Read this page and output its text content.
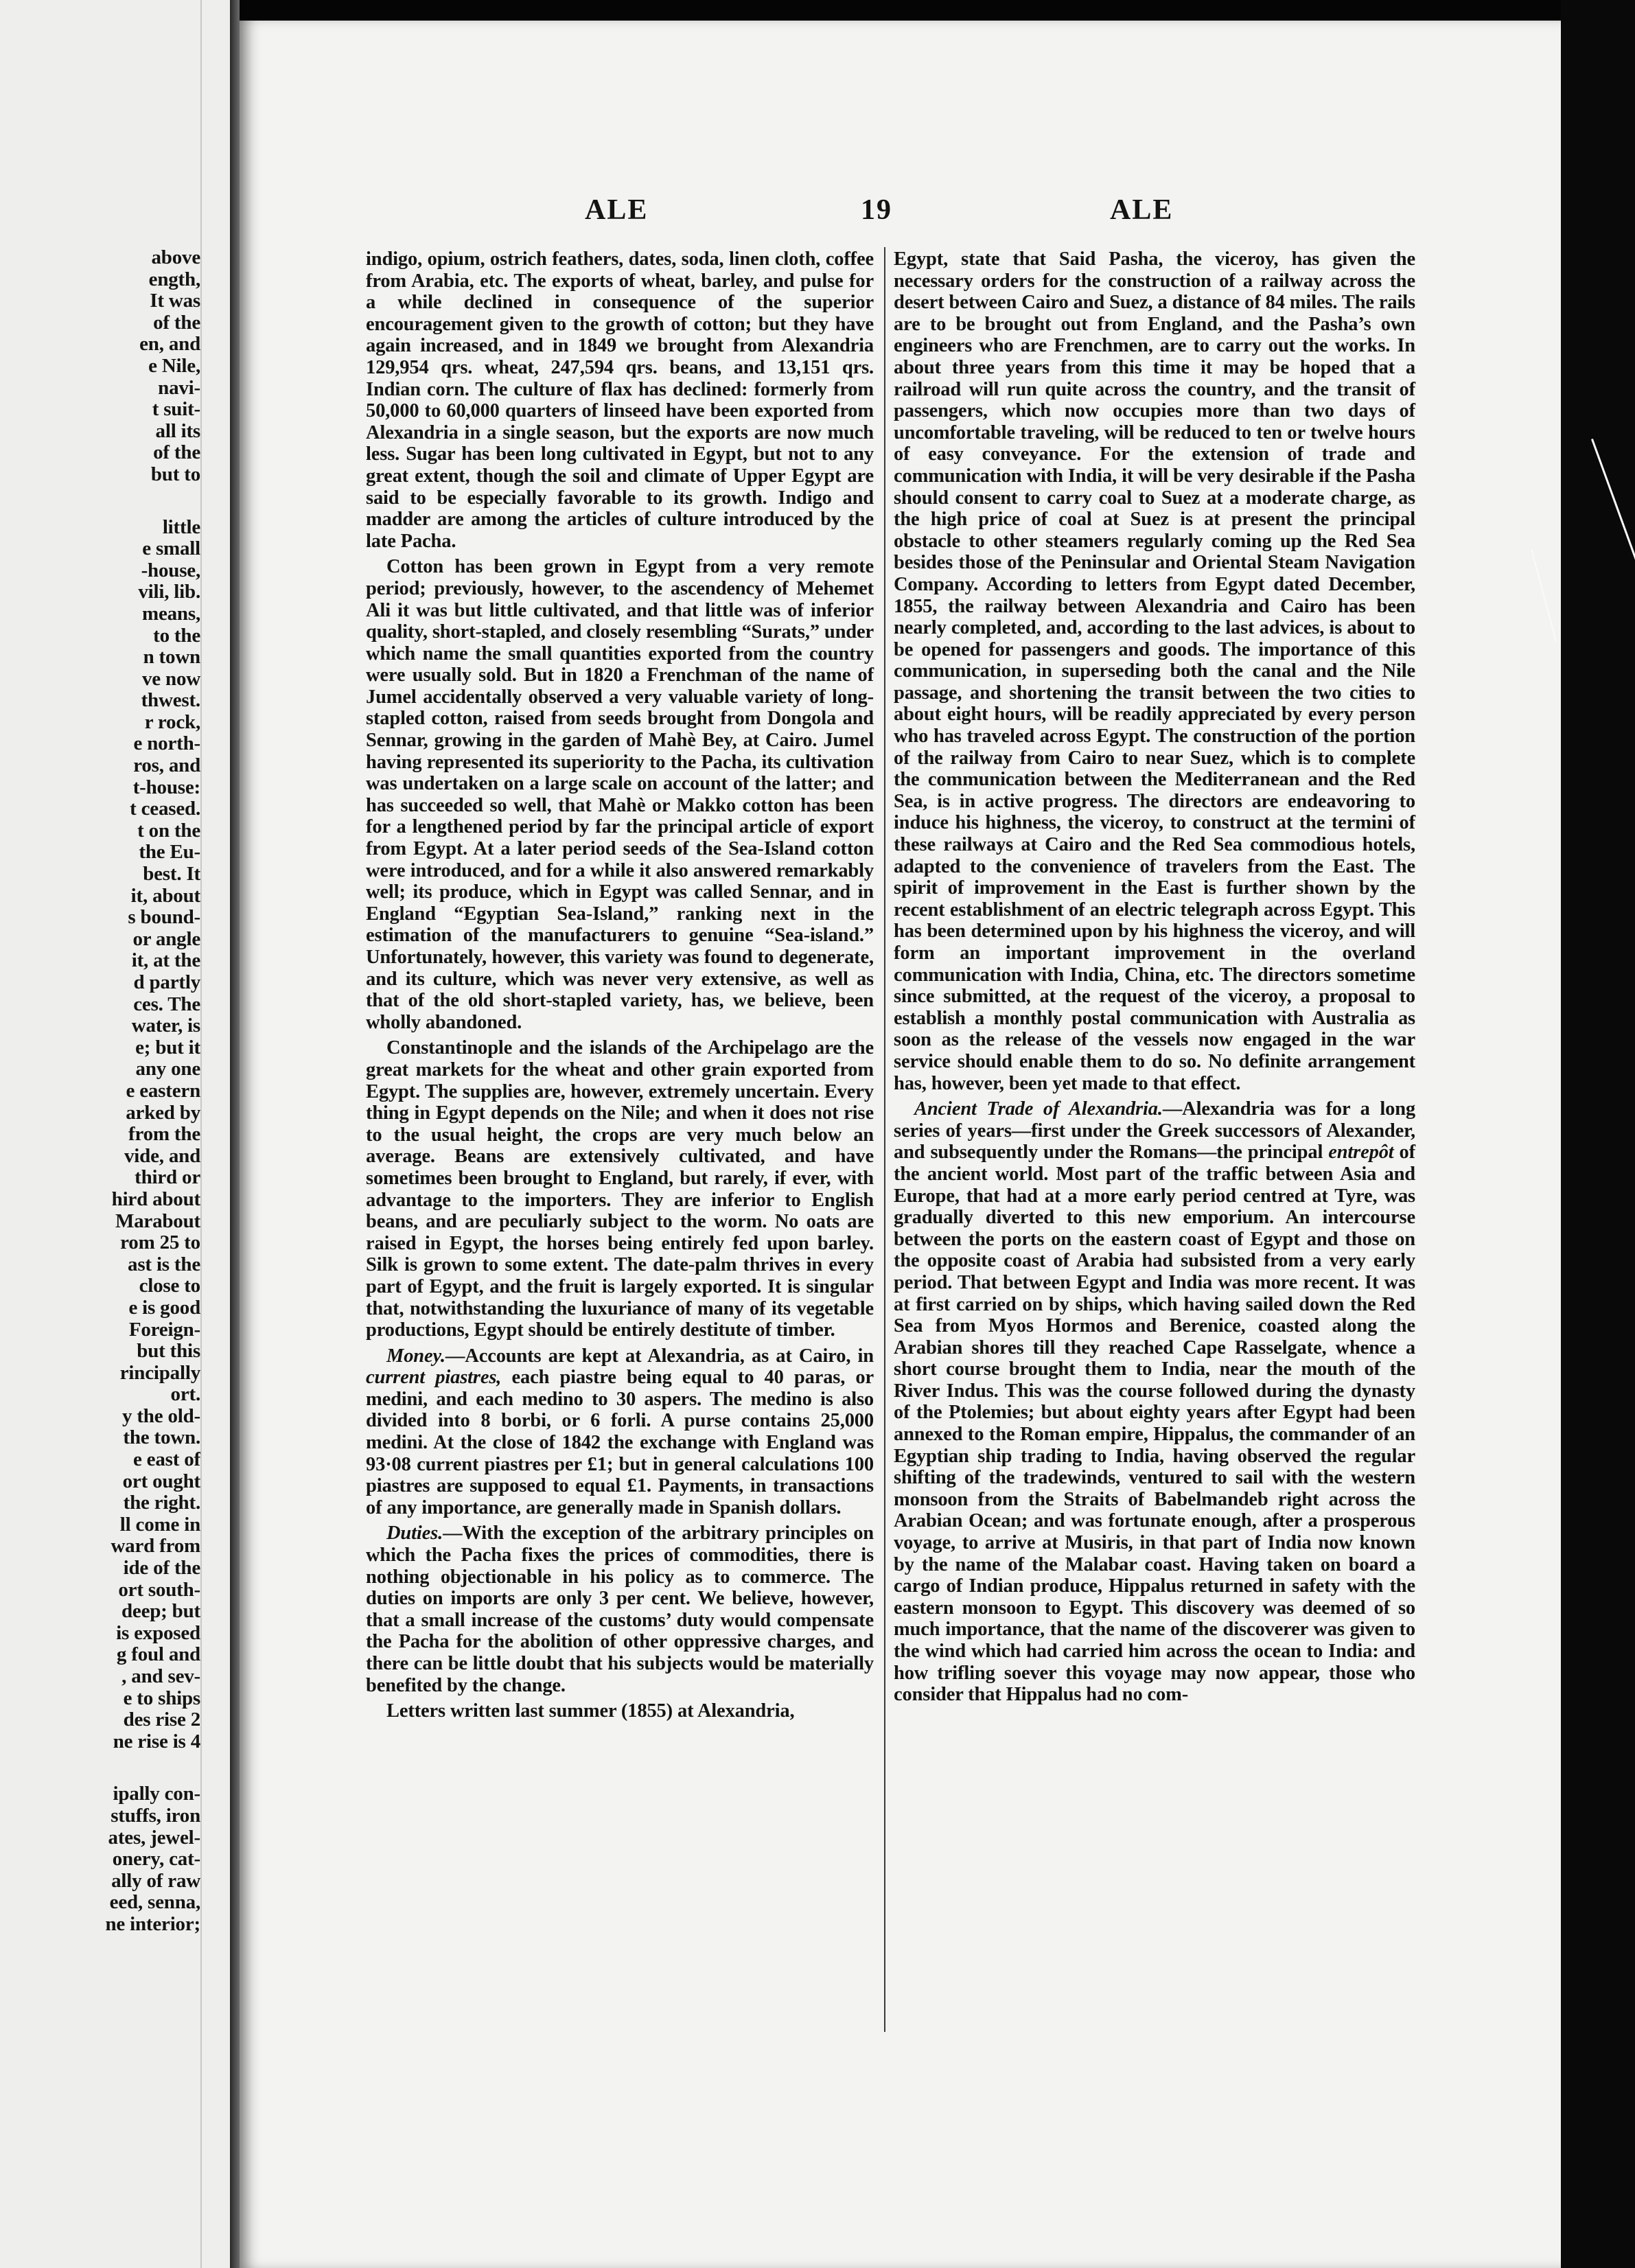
above
ength,
It was
of the
en, and
e Nile,
navi-
t suit-
all its
of the
but to
little
e small
-house,
vili, lib.
means,
to the
n town
ve now
thwest.
r rock,
e north-
ros, and
t-house:
t ceased.
t on the
the Eu-
best. It
it, about
s bound-
or angle
it, at the
d partly
ces. The
water, is
e; but it
any one
e eastern
arked by
from the
vide, and
third or
hird about
Marabout
rom 25 to
ast is the
close to
e is good
Foreign-
but this
rincipally
ort.
y the old-
the town.
e east of
ort ought
the right.
ll come in
ward from
ide of the
ort south-
deep; but
is exposed
g foul and
, and sev-
e to ships
des rise 2
ne rise is 4
ipally con-
stuffs, iron
ates, jewel-
onery, cat-
ally of raw
eed, senna,
ne interior;
ALE	19	ALE

indigo, opium, ostrich feathers, dates, soda, linen cloth, coffee from Arabia, etc. The exports of wheat, barley, and pulse for a while declined in consequence of the superior encouragement given to the growth of cotton; but they have again increased, and in 1849 we brought from Alexandria 129,954 qrs. wheat, 247,594 qrs. beans, and 13,151 qrs. Indian corn. The culture of flax has declined: formerly from 50,000 to 60,000 quarters of linseed have been exported from Alexandria in a single season, but the exports are now much less. Sugar has been long cultivated in Egypt, but not to any great extent, though the soil and climate of Upper Egypt are said to be especially favorable to its growth. Indigo and madder are among the articles of culture introduced by the late Pacha.

Cotton has been grown in Egypt from a very remote period; previously, however, to the ascendency of Mehemet Ali it was but little cultivated, and that little was of inferior quality, short-stapled, and closely resembling “Surats,” under which name the small quantities exported from the country were usually sold. But in 1820 a Frenchman of the name of Jumel accidentally observed a very valuable variety of long-stapled cotton, raised from seeds brought from Dongola and Sennar, growing in the garden of Mahè Bey, at Cairo. Jumel having represented its superiority to the Pacha, its cultivation was undertaken on a large scale on account of the latter; and has succeeded so well, that Mahè or Makko cotton has been for a lengthened period by far the principal article of export from Egypt. At a later period seeds of the Sea-Island cotton were introduced, and for a while it also answered remarkably well; its produce, which in Egypt was called Sennar, and in England “Egyptian Sea-Island,” ranking next in the estimation of the manufacturers to genuine “Sea-island.” Unfortunately, however, this variety was found to degenerate, and its culture, which was never very extensive, as well as that of the old short-stapled variety, has, we believe, been wholly abandoned.

Constantinople and the islands of the Archipelago are the great markets for the wheat and other grain exported from Egypt. The supplies are, however, extremely uncertain. Every thing in Egypt depends on the Nile; and when it does not rise to the usual height, the crops are very much below an average. Beans are extensively cultivated, and have sometimes been brought to England, but rarely, if ever, with advantage to the importers. They are inferior to English beans, and are peculiarly subject to the worm. No oats are raised in Egypt, the horses being entirely fed upon barley. Silk is grown to some extent. The date-palm thrives in every part of Egypt, and the fruit is largely exported. It is singular that, notwithstanding the luxuriance of many of its vegetable productions, Egypt should be entirely destitute of timber.

Money.—Accounts are kept at Alexandria, as at Cairo, in current piastres, each piastre being equal to 40 paras, or medini, and each medino to 30 aspers. The medino is also divided into 8 borbi, or 6 forli. A purse contains 25,000 medini. At the close of 1842 the exchange with England was 93·08 current piastres per £1; but in general calculations 100 piastres are supposed to equal £1. Payments, in transactions of any importance, are generally made in Spanish dollars.

Duties.—With the exception of the arbitrary principles on which the Pacha fixes the prices of commodities, there is nothing objectionable in his policy as to commerce. The duties on imports are only 3 per cent. We believe, however, that a small increase of the customs’ duty would compensate the Pacha for the abolition of other oppressive charges, and there can be little doubt that his subjects would be materially benefited by the change.

Letters written last summer (1855) at Alexandria,

Egypt, state that Said Pasha, the viceroy, has given the necessary orders for the construction of a railway across the desert between Cairo and Suez, a distance of 84 miles. The rails are to be brought out from England, and the Pasha’s own engineers who are Frenchmen, are to carry out the works. In about three years from this time it may be hoped that a railroad will run quite across the country, and the transit of passengers, which now occupies more than two days of uncomfortable traveling, will be reduced to ten or twelve hours of easy conveyance. For the extension of trade and communication with India, it will be very desirable if the Pasha should consent to carry coal to Suez at a moderate charge, as the high price of coal at Suez is at present the principal obstacle to other steamers regularly coming up the Red Sea besides those of the Peninsular and Oriental Steam Navigation Company. According to letters from Egypt dated December, 1855, the railway between Alexandria and Cairo has been nearly completed, and, according to the last advices, is about to be opened for passengers and goods. The importance of this communication, in superseding both the canal and the Nile passage, and shortening the transit between the two cities to about eight hours, will be readily appreciated by every person who has traveled across Egypt. The construction of the portion of the railway from Cairo to near Suez, which is to complete the communication between the Mediterranean and the Red Sea, is in active progress. The directors are endeavoring to induce his highness, the viceroy, to construct at the termini of these railways at Cairo and the Red Sea commodious hotels, adapted to the convenience of travelers from the East. The spirit of improvement in the East is further shown by the recent establishment of an electric telegraph across Egypt. This has been determined upon by his highness the viceroy, and will form an important improvement in the overland communication with India, China, etc. The directors sometime since submitted, at the request of the viceroy, a proposal to establish a monthly postal communication with Australia as soon as the release of the vessels now engaged in the war service should enable them to do so. No definite arrangement has, however, been yet made to that effect.

Ancient Trade of Alexandria.—Alexandria was for a long series of years—first under the Greek successors of Alexander, and subsequently under the Romans—the principal entrepôt of the ancient world. Most part of the traffic between Asia and Europe, that had at a more early period centred at Tyre, was gradually diverted to this new emporium. An intercourse between the ports on the eastern coast of Egypt and those on the opposite coast of Arabia had subsisted from a very early period. That between Egypt and India was more recent. It was at first carried on by ships, which having sailed down the Red Sea from Myos Hormos and Berenice, coasted along the Arabian shores till they reached Cape Rasselgate, whence a short course brought them to India, near the mouth of the River Indus. This was the course followed during the dynasty of the Ptolemies; but about eighty years after Egypt had been annexed to the Roman empire, Hippalus, the commander of an Egyptian ship trading to India, having observed the regular shifting of the tradewinds, ventured to sail with the western monsoon from the Straits of Babelmandeb right across the Arabian Ocean; and was fortunate enough, after a prosperous voyage, to arrive at Musiris, in that part of India now known by the name of the Malabar coast. Having taken on board a cargo of Indian produce, Hippalus returned in safety with the eastern monsoon to Egypt. This discovery was deemed of so much importance, that the name of the discoverer was given to the wind which had carried him across the ocean to India: and how trifling soever this voyage may now appear, those who consider that Hippalus had no com-
